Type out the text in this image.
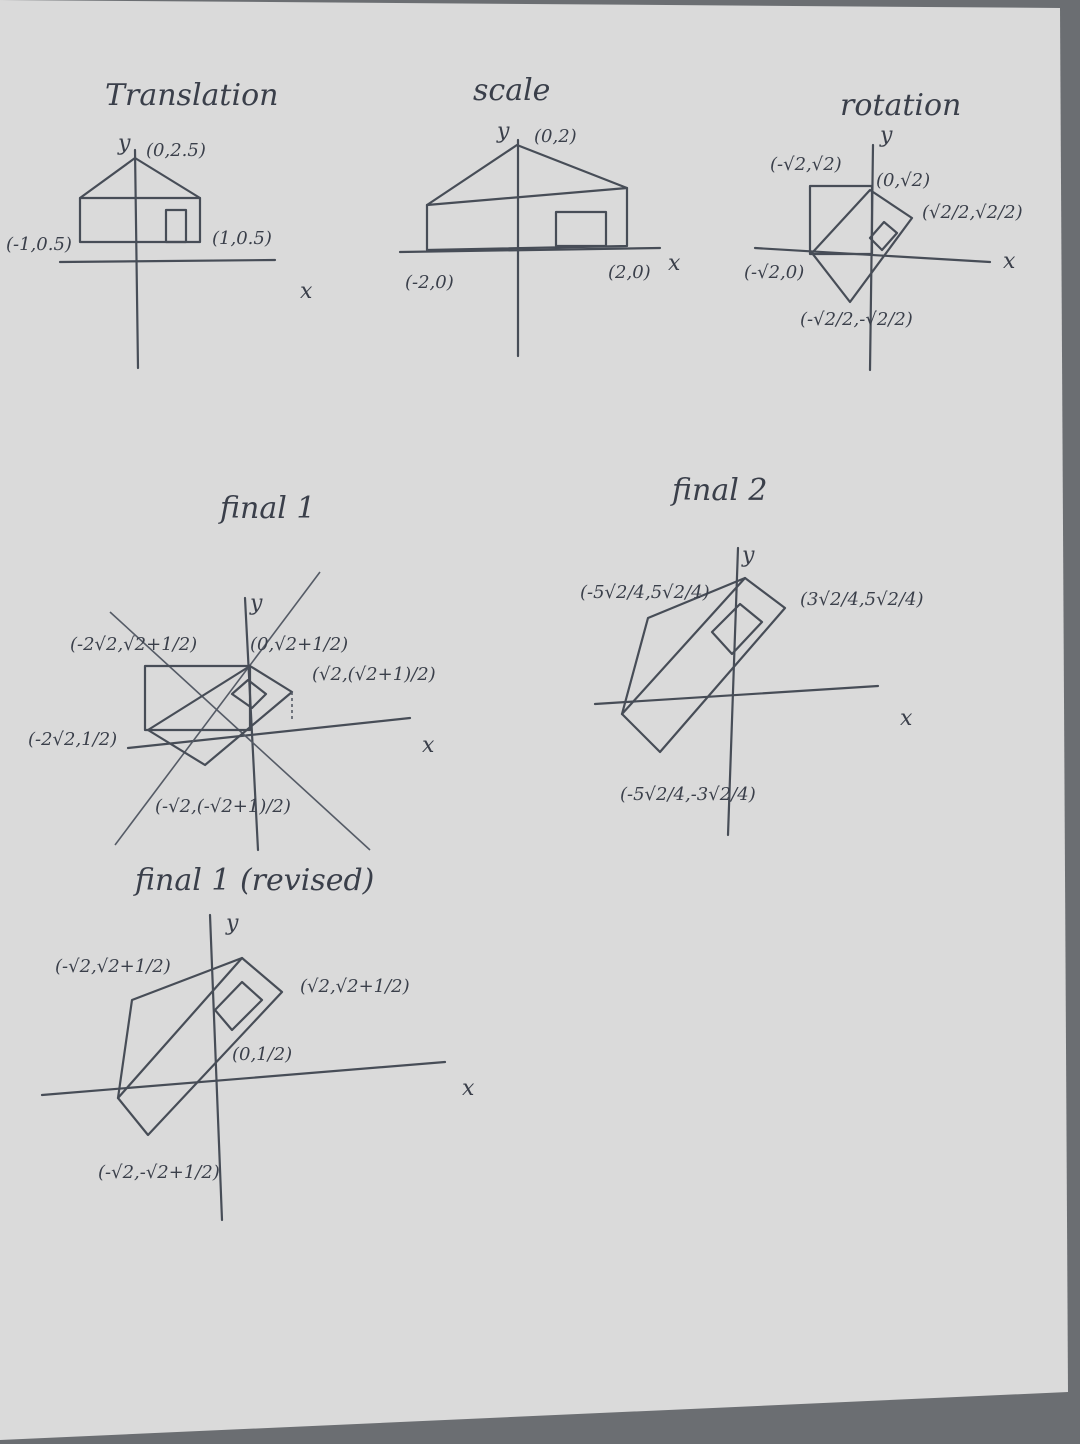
Translation
y
x
(0,2.5)
(-1,0.5)	(1,0.5)
scale
y
x
(0,2)
(-2,0)	(2,0)
rotation
y
x
(-√2,√2)
(0,√2)
(√2/2,√2/2)
(-√2,0)
(-√2/2,-√2/2)
final 1
y
x
(-2√2,√2+1/2)	(0,√2+1/2)
(√2,(√2+1)/2)
(-2√2,1/2)
(-√2,(-√2+1)/2)
final 2
y
x
(-5√2/4,5√2/4)	(3√2/4,5√2/4)
(-5√2/4,-3√2/4)
final 1 (revised)
y
x
(-√2,√2+1/2)
(√2,√2+1/2)
(0,1/2)
(-√2,-√2+1/2)
